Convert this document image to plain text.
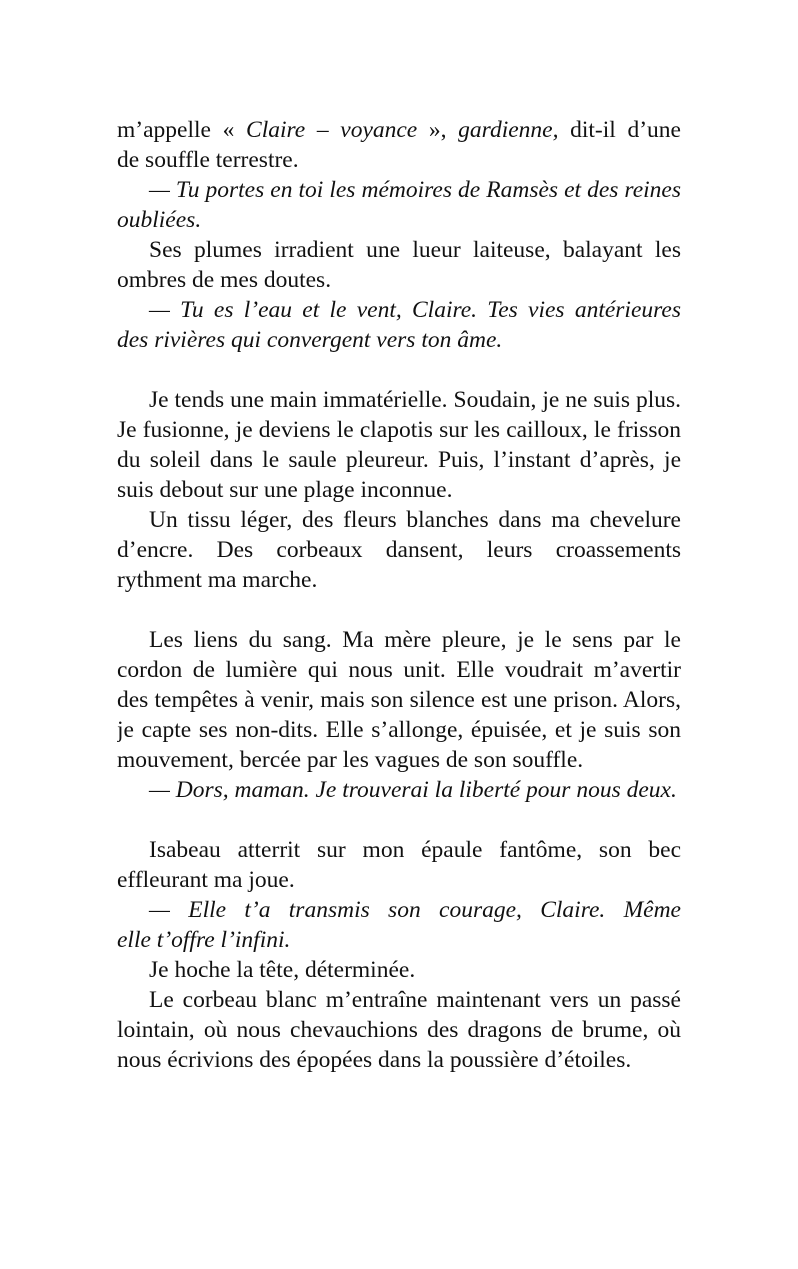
m’appelle « Claire – voyance », gardienne, dit-il d’une
de souffle terrestre.
— Tu portes en toi les mémoires de Ramsès et des reines
oubliées.
Ses plumes irradient une lueur laiteuse, balayant les
ombres de mes doutes.
— Tu es l’eau et le vent, Claire. Tes vies antérieures
des rivières qui convergent vers ton âme.
Je tends une main immatérielle. Soudain, je ne suis plus.
Je fusionne, je deviens le clapotis sur les cailloux, le frisson
du soleil dans le saule pleureur. Puis, l’instant d’après, je
suis debout sur une plage inconnue.
Un tissu léger, des fleurs blanches dans ma chevelure
d’encre. Des corbeaux dansent, leurs croassements
rythment ma marche.
Les liens du sang. Ma mère pleure, je le sens par le
cordon de lumière qui nous unit. Elle voudrait m’avertir
des tempêtes à venir, mais son silence est une prison. Alors,
je capte ses non-dits. Elle s’allonge, épuisée, et je suis son
mouvement, bercée par les vagues de son souffle.
— Dors, maman. Je trouverai la liberté pour nous deux.
Isabeau atterrit sur mon épaule fantôme, son bec
effleurant ma joue.
— Elle t’a transmis son courage, Claire. Même
elle t’offre l’infini.
Je hoche la tête, déterminée.
Le corbeau blanc m’entraîne maintenant vers un passé
lointain, où nous chevauchions des dragons de brume, où
nous écrivions des épopées dans la poussière d’étoiles.
